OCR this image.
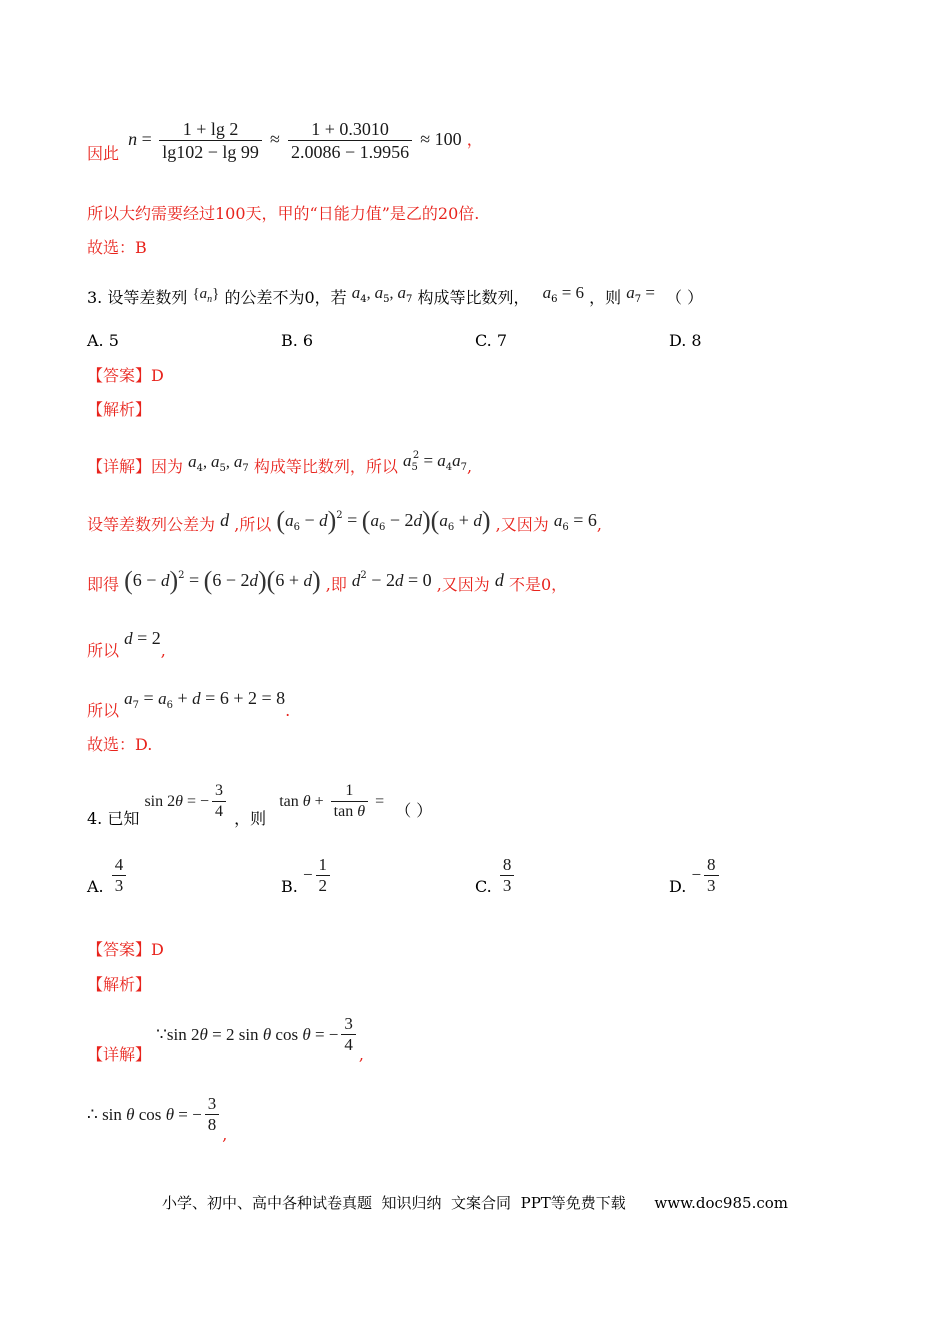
因此 $n = \frac{1 + \lg 2}{\lg 102 - \lg 99} \approx \frac{1 + 0.3010}{2.0086 - 1.9956} \approx 100$ ，
所以大约需要经过100天，甲的“日能力值”是乙的20倍.
故选：B
3. 设等差数列 $\{a_n\}$ 的公差不为0，若 $a_4$, $a_5$, $a_7$ 构成等比数列， $a_6 = 6$ ，则 $a_7$ = （ ）
A. 5	B. 6	C. 7	D. 8
【答案】D
【解析】
【详解】因为 $a_4$, $a_5$, $a_7$ 构成等比数列，所以 $a_5^2 = a_4a_7$,
设等差数列公差为 d ,所以 $(a_6 - d)^2 = (a_6 - 2d)(a_6 + d)$ ,又因为 $a_6 = 6$,
即得 $(6 - d)^2 = (6 - 2d)(6 + d)$ ,即 $d^2 - 2d = 0$ ,又因为 d 不是0，
所以 d = 2,
所以 $a_7 = a_6 + d = 6 + 2 = 8$.
故选：D.
4. 已知 sin 2θ = − $\frac{3}{4}$ ，则 $\tan \theta + \frac{1}{\text{tan θ}}$ = （ ）
A. $\frac{4}{3}$	B. − $\frac{1}{2}$	C. $\frac{8}{3}$	D. − $\frac{8}{3}$
【答案】D
【解析】
【详解】 ∵sin 2θ = 2 sin θ cos θ = − $\frac{3}{4}$ ,
∴ sin θ cos θ = − $\frac{3}{8}$ ,
小学、初中、高中各种试卷真题  知识归纳  文案合同  PPT等免费下载      www.doc985.com
